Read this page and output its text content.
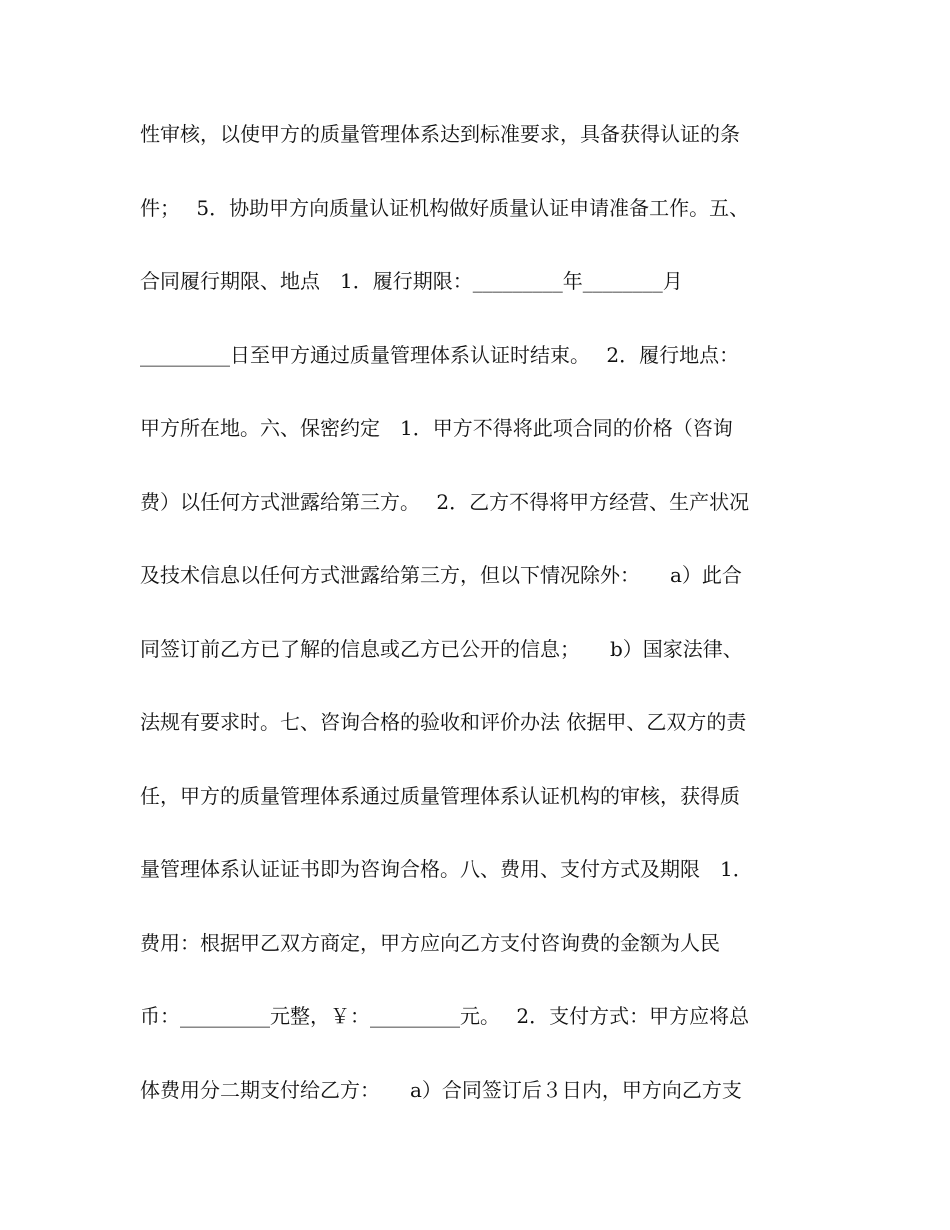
性审核，以使甲方的质量管理体系达到标准要求，具备获得认证的条

件；　 5．协助甲方向质量认证机构做好质量认证申请准备工作。五、

合同履行期限、地点　1．履行期限：_________年________月

_________日至甲方通过质量管理体系认证时结束。　 2．履行地点：

甲方所在地。六、保密约定　1．甲方不得将此项合同的价格（咨询

费）以任何方式泄露给第三方。　 2．乙方不得将甲方经营、生产状况

及技术信息以任何方式泄露给第三方，但以下情况除外：　　a）此合

同签订前乙方已了解的信息或乙方已公开的信息；　　b）国家法律、

法规有要求时。七、咨询合格的验收和评价办法 依据甲、乙双方的责

任，甲方的质量管理体系通过质量管理体系认证机构的审核，获得质

量管理体系认证证书即为咨询合格。八、费用、支付方式及期限　1．

费用：根据甲乙双方商定，甲方应向乙方支付咨询费的金额为人民

币：_________元整，￥：_________元。　 2．支付方式：甲方应将总

体费用分二期支付给乙方：　　a）合同签订后３日内，甲方向乙方支
